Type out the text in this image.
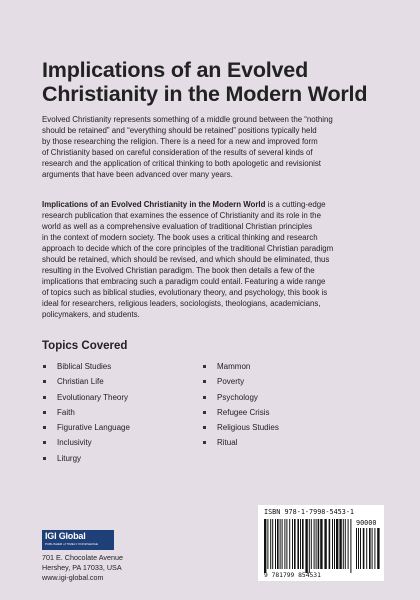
Implications of an Evolved
Christianity in the Modern World
Evolved Christianity represents something of a middle ground between the “nothing
should be retained” and “everything should be retained” positions typically held
by those researching the religion. There is a need for a new and improved form
of Christianity based on careful consideration of the results of several kinds of
research and the application of critical thinking to both apologetic and revisionist
arguments that have been advanced over many years.
Implications of an Evolved Christianity in the Modern World is a cutting-edge
research publication that examines the essence of Christianity and its role in the
world as well as a comprehensive evaluation of traditional Christian principles
in the context of modern society. The book uses a critical thinking and research
approach to decide which of the core principles of the traditional Christian paradigm
should be retained, which should be revised, and which should be eliminated, thus
resulting in the Evolved Christian paradigm. The book then details a few of the
implications that embracing such a paradigm could entail. Featuring a wide range
of topics such as biblical studies, evolutionary theory, and psychology, this book is
ideal for researchers, religious leaders, sociologists, theologians, academicians,
policymakers, and students.
Topics Covered
Biblical Studies
Christian Life
Evolutionary Theory
Faith
Figurative Language
Inclusivity
Liturgy
Mammon
Poverty
Psychology
Refugee Crisis
Religious Studies
Ritual
IGI Global
PUBLISHER of TIMELY KNOWLEDGE
701 E. Chocolate Avenue
Hershey, PA 17033, USA
www.igi-global.com
ISBN 978-1-7998-5453-1
90000
9 781799 854531
